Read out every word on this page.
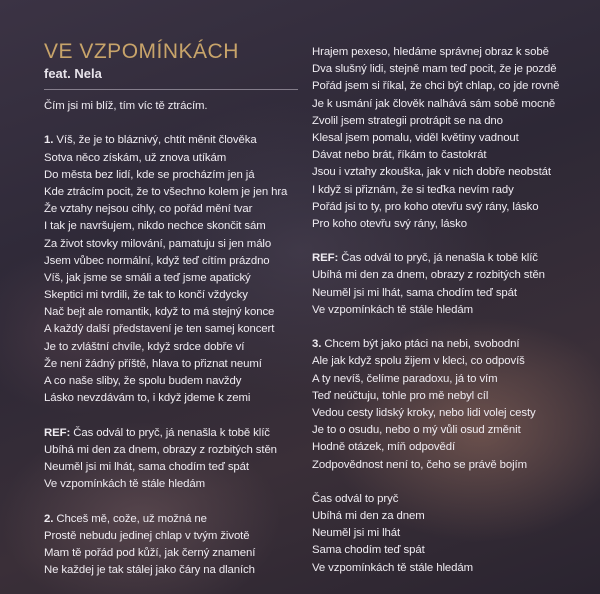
VE VZPOMÍNKÁCH
feat. Nela
Čím jsi mi blíž, tím víc tě ztrácím.
1. Víš, že je to bláznivý, chtít měnit člověka
Sotva něco získám, už znova utíkám
Do města bez lidí, kde se procházím jen já
Kde ztrácím pocit, že to všechno kolem je jen hra
Že vztahy nejsou cihly, co pořád mění tvar
I tak je navršujem, nikdo nechce skončit sám
Za život stovky milování, pamatuju si jen málo
Jsem vůbec normální, když teď cítím prázdno
Víš, jak jsme se smáli a teď jsme apatický
Skeptici mi tvrdili, že tak to končí vždycky
Nač bejt ale romantik, když to má stejný konce
A každý další představení je ten samej koncert
Je to zvláštní chvíle, když srdce dobře ví
Že není žádný příště, hlava to přiznat neumí
A co naše sliby, že spolu budem navždy
Lásko nevzdávám to, i když jdeme k zemi
REF: Čas odvál to pryč, já nenašla k tobě klíč
Ubíhá mi den za dnem, obrazy z rozbitých stěn
Neuměl jsi mi lhát, sama chodím teď spát
Ve vzpomínkách tě stále hledám
2. Chceš mě, cože, už možná ne
Prostě nebudu jedinej chlap v tvým životě
Mam tě pořád pod kůží, jak černý znamení
Ne každej je tak stálej jako čáry na dlaních
Hrajem pexeso, hledáme správnej obraz k sobě
Dva slušný lidi, stejně mam teď pocit, že je pozdě
Pořád jsem si říkal, že chci být chlap, co jde rovně
Je k usmání jak člověk nalhává sám sobě mocně
Zvolil jsem strategii protrápit se na dno
Klesal jsem pomalu, viděl květiny vadnout
Dávat nebo brát, říkám to častokrát
Jsou i vztahy zkouška, jak v nich dobře neobstát
I když si přiznám, že si teďka nevím rady
Pořád jsi to ty, pro koho otevřu svý rány, lásko
Pro koho otevřu svý rány, lásko
REF: Čas odvál to pryč, já nenašla k tobě klíč
Ubíhá mi den za dnem, obrazy z rozbitých stěn
Neuměl jsi mi lhát, sama chodím teď spát
Ve vzpomínkách tě stále hledám
3. Chcem být jako ptáci na nebi, svobodní
Ale jak když spolu žijem v kleci, co odpovíš
A ty nevíš, čelíme paradoxu, já to vím
Teď neúčtuju, tohle pro mě nebyl cíl
Vedou cesty lidský kroky, nebo lidi volej cesty
Je to o osudu, nebo o mý vůli osud změnit
Hodně otázek, míň odpovědí
Zodpovědnost není to, čeho se právě bojím
Čas odvál to pryč
Ubíhá mi den za dnem
Neuměl jsi mi lhát
Sama chodím teď spát
Ve vzpomínkách tě stále hledám
